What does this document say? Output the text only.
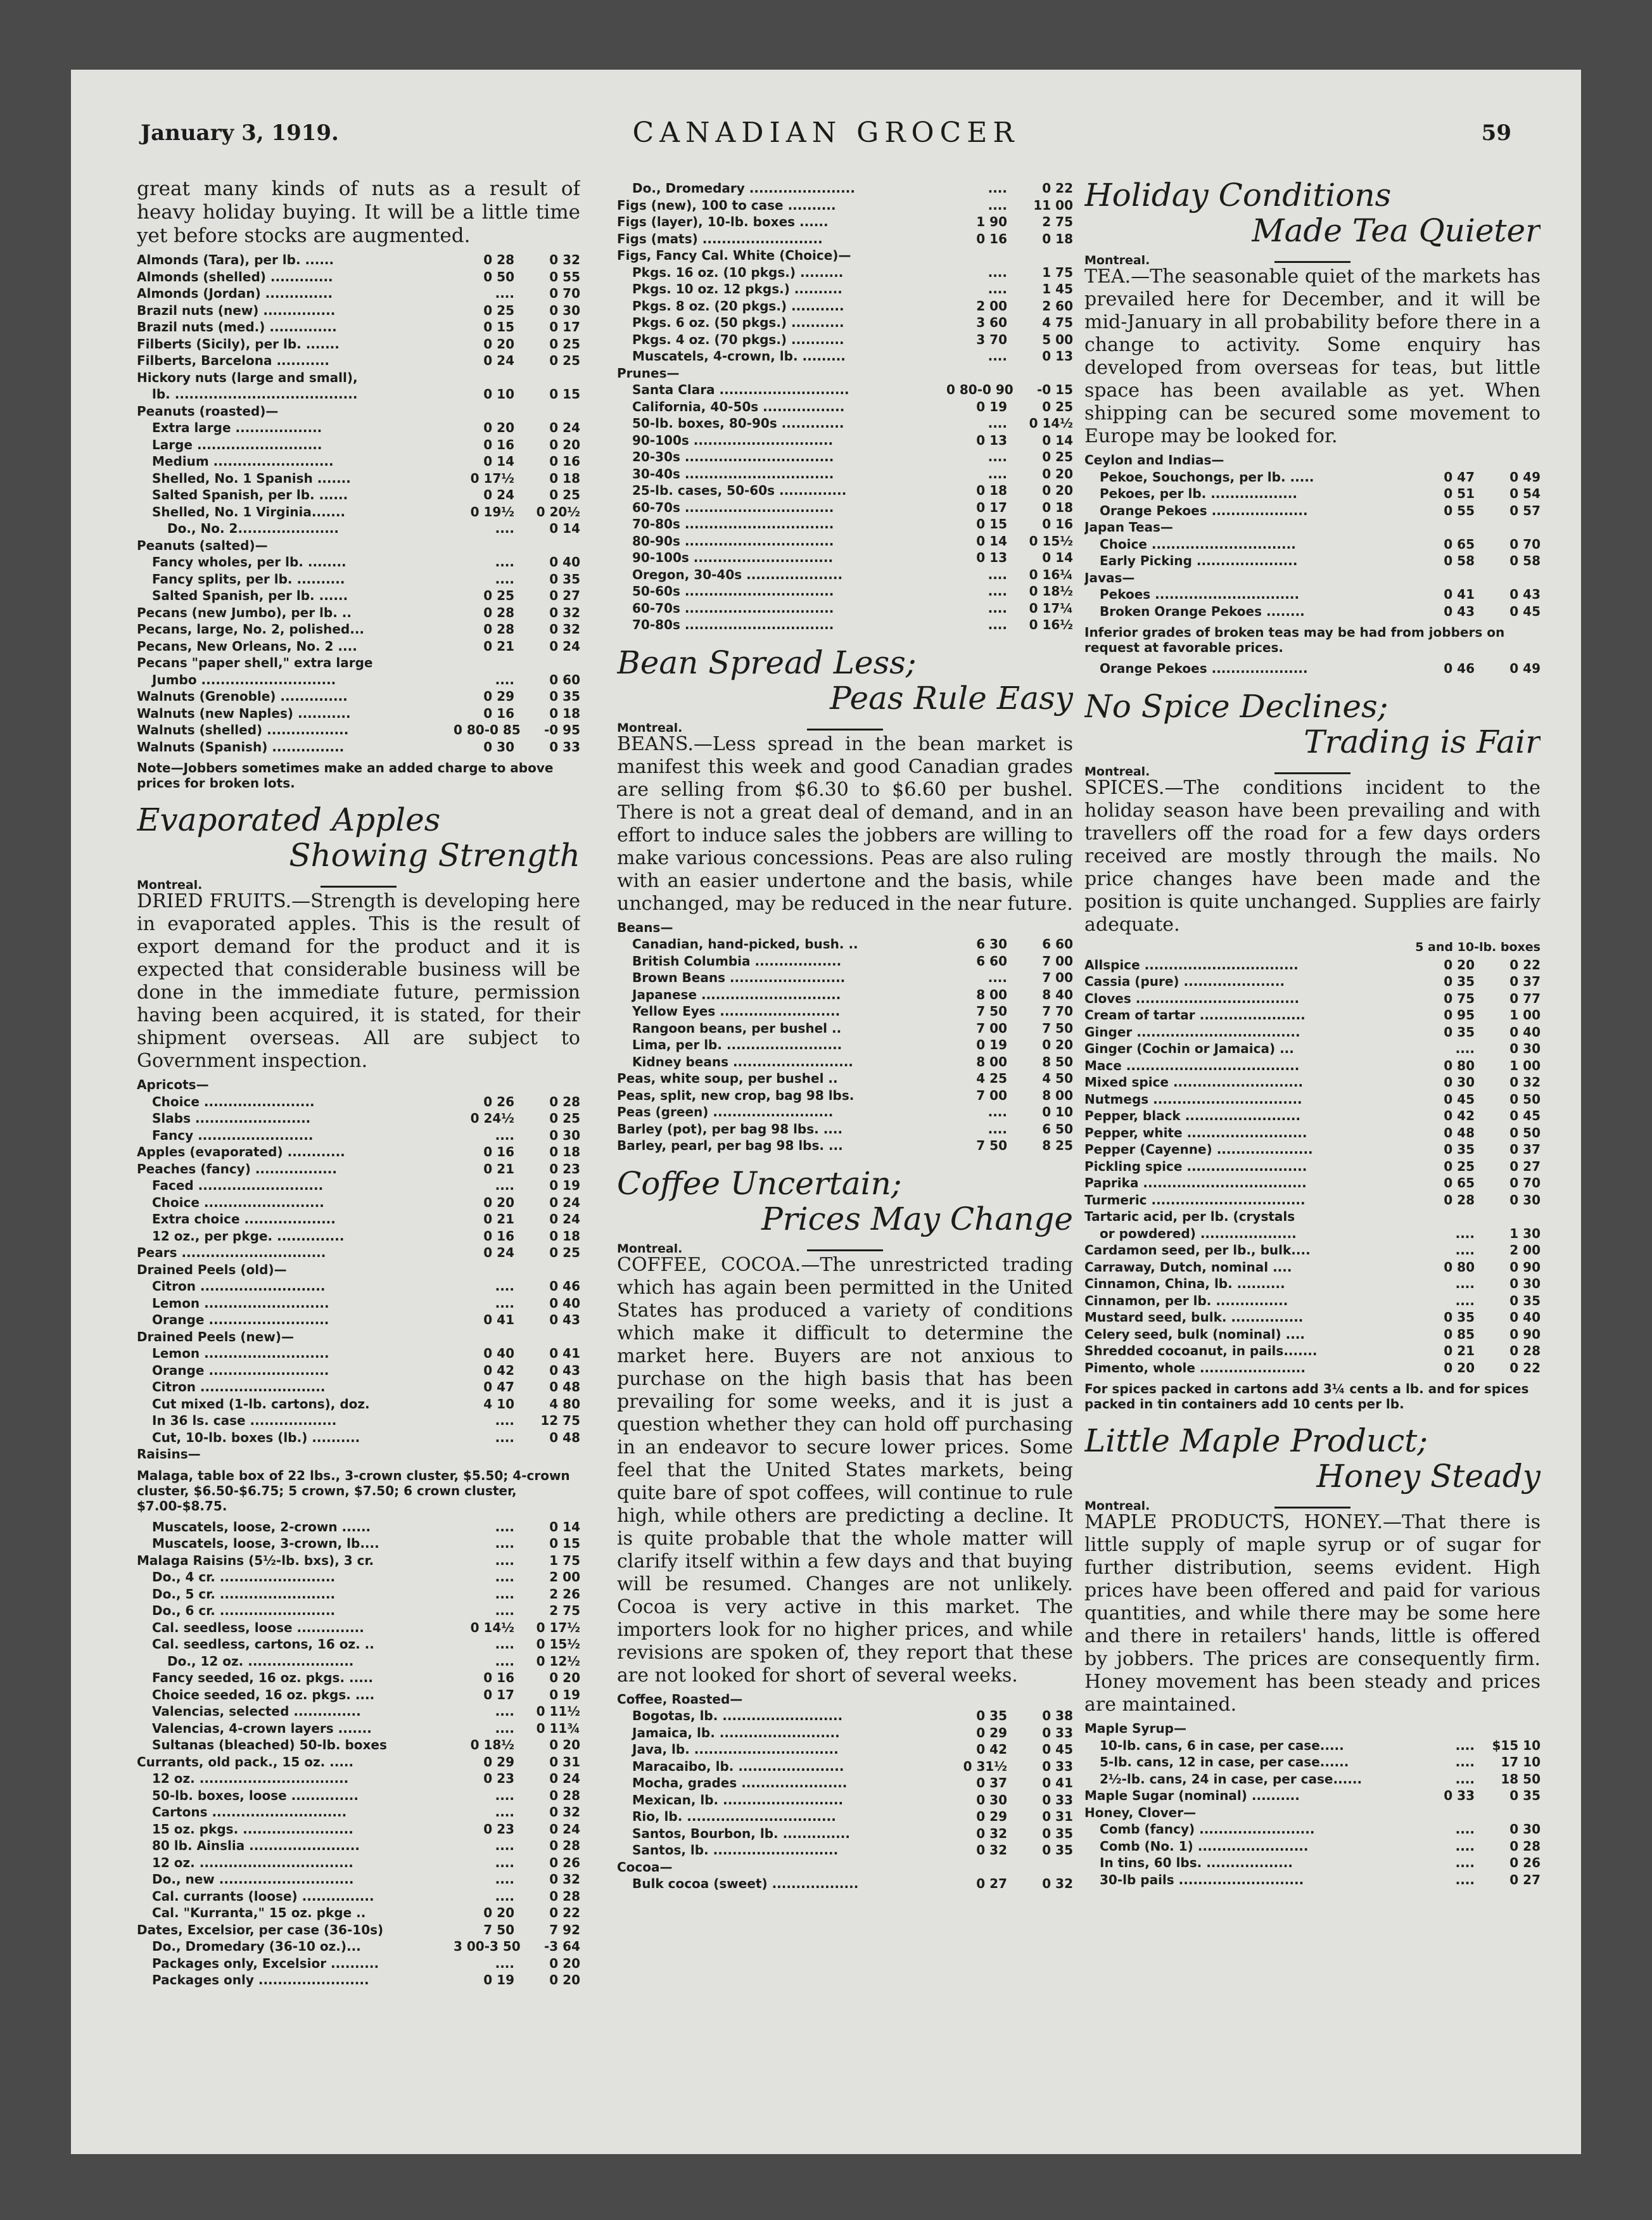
January 3, 1919.	CANADIAN GROCER	59

great many kinds of nuts as a result of heavy holiday buying. It will be a little time yet before stocks are augmented.

Almonds (Tara), per lb. ......	0 28	0 32
Almonds (shelled) .............	0 50	0 55
Almonds (Jordan) ..............	....	0 70
Brazil nuts (new) ...............	0 25	0 30
Brazil nuts (med.) ..............	0 15	0 17
Filberts (Sicily), per lb. .......	0 20	0 25
Filberts, Barcelona ...........	0 24	0 25
Hickory nuts (large and small),
lb. ......................................	0 10	0 15
Peanuts (roasted)—
Extra large ..................	0 20	0 24
Large ..........................	0 16	0 20
Medium .........................	0 14	0 16
Shelled, No. 1 Spanish .......	0 17½	0 18
Salted Spanish, per lb. ......	0 24	0 25
Shelled, No. 1 Virginia.......	0 19½	0 20½
Do., No. 2.....................	....	0 14
Peanuts (salted)—
Fancy wholes, per lb. ........	....	0 40
Fancy splits, per lb. ..........	....	0 35
Salted Spanish, per lb. ......	0 25	0 27
Pecans (new Jumbo), per lb. ..	0 28	0 32
Pecans, large, No. 2, polished...	0 28	0 32
Pecans, New Orleans, No. 2 ....	0 21	0 24
Pecans "paper shell," extra large
Jumbo ............................	....	0 60
Walnuts (Grenoble) ..............	0 29	0 35
Walnuts (new Naples) ...........	0 16	0 18
Walnuts (shelled) .................	0 80-0 85	-0 95
Walnuts (Spanish) ...............	0 30	0 33
Note—Jobbers sometimes make an added charge to above prices for broken lots.
Evaporated Apples
Showing Strength
Montreal.

DRIED FRUITS.—Strength is developing here in evaporated apples. This is the result of export demand for the product and it is expected that considerable business will be done in the immediate future, permission having been acquired, it is stated, for their shipment overseas. All are subject to Government inspection.

Apricots—
Choice .......................	0 26	0 28
Slabs ........................	0 24½	0 25
Fancy ........................	....	0 30
Apples (evaporated) ............	0 16	0 18
Peaches (fancy) .................	0 21	0 23
Faced ..........................	....	0 19
Choice .........................	0 20	0 24
Extra choice ...................	0 21	0 24
12 oz., per pkge. ..............	0 16	0 18
Pears ..............................	0 24	0 25
Drained Peels (old)—
Citron ..........................	....	0 46
Lemon ..........................	....	0 40
Orange .........................	0 41	0 43
Drained Peels (new)—
Lemon ..........................	0 40	0 41
Orange .........................	0 42	0 43
Citron ..........................	0 47	0 48
Cut mixed (1-lb. cartons), doz.	4 10	4 80
In 36 ls. case ..................	....	12 75
Cut, 10-lb. boxes (lb.) ..........	....	0 48
Raisins—
Malaga, table box of 22 lbs., 3-crown cluster, $5.50; 4-crown cluster, $6.50-$6.75; 5 crown, $7.50; 6 crown cluster, $7.00-$8.75.
Muscatels, loose, 2-crown ......	....	0 14
Muscatels, loose, 3-crown, lb....	....	0 15
Malaga Raisins (5½-lb. bxs), 3 cr.	....	1 75
Do., 4 cr. ........................	....	2 00
Do., 5 cr. ........................	....	2 26
Do., 6 cr. ........................	....	2 75
Cal. seedless, loose ..............	0 14½	0 17½
Cal. seedless, cartons, 16 oz. ..	....	0 15½
Do., 12 oz. ......................	....	0 12½
Fancy seeded, 16 oz. pkgs. .....	0 16	0 20
Choice seeded, 16 oz. pkgs. ....	0 17	0 19
Valencias, selected ..............	....	0 11½
Valencias, 4-crown layers .......	....	0 11¾
Sultanas (bleached) 50-lb. boxes	0 18½	0 20
Currants, old pack., 15 oz. .....	0 29	0 31
12 oz. ...............................	0 23	0 24
50-lb. boxes, loose ..............	....	0 28
Cartons ............................	....	0 32
15 oz. pkgs. .......................	0 23	0 24
80 lb. Ainslia .......................	....	0 28
12 oz. ................................	....	0 26
Do., new ............................	....	0 32
Cal. currants (loose) ...............	....	0 28
Cal. "Kurranta," 15 oz. pkge ..	0 20	0 22
Dates, Excelsior, per case (36-10s)	7 50	7 92
Do., Dromedary (36-10 oz.)...	3 00-3 50	-3 64
Packages only, Excelsior ..........	....	0 20
Packages only .......................	0 19	0 20
Do., Dromedary ......................	....	0 22
Figs (new), 100 to case ..........	....	11 00
Figs (layer), 10-lb. boxes ......	1 90	2 75
Figs (mats) .........................	0 16	0 18
Figs, Fancy Cal. White (Choice)—
Pkgs. 16 oz. (10 pkgs.) .........	....	1 75
Pkgs. 10 oz. 12 pkgs.) ..........	....	1 45
Pkgs. 8 oz. (20 pkgs.) ...........	2 00	2 60
Pkgs. 6 oz. (50 pkgs.) ...........	3 60	4 75
Pkgs. 4 oz. (70 pkgs.) ...........	3 70	5 00
Muscatels, 4-crown, lb. .........	....	0 13
Prunes—
Santa Clara ...........................	0 80-0 90	-0 15
California, 40-50s .................	0 19	0 25
50-lb. boxes, 80-90s .............	....	0 14½
90-100s .............................	0 13	0 14
20-30s ...............................	....	0 25
30-40s ...............................	....	0 20
25-lb. cases, 50-60s ..............	0 18	0 20
60-70s ...............................	0 17	0 18
70-80s ...............................	0 15	0 16
80-90s ...............................	0 14	0 15½
90-100s .............................	0 13	0 14
Oregon, 30-40s ....................	....	0 16¼
50-60s ...............................	....	0 18½
60-70s ...............................	....	0 17¼
70-80s ...............................	....	0 16½
Bean Spread Less;
Peas Rule Easy
Montreal.

BEANS.—Less spread in the bean market is manifest this week and good Canadian grades are selling from $6.30 to $6.60 per bushel. There is not a great deal of demand, and in an effort to induce sales the jobbers are willing to make various concessions. Peas are also ruling with an easier undertone and the basis, while unchanged, may be reduced in the near future.

Beans—
Canadian, hand-picked, bush. ..	6 30	6 60
British Columbia ..................	6 60	7 00
Brown Beans ........................	....	7 00
Japanese .............................	8 00	8 40
Yellow Eyes .........................	7 50	7 70
Rangoon beans, per bushel ..	7 00	7 50
Lima, per lb. ........................	0 19	0 20
Kidney beans .........................	8 00	8 50
Peas, white soup, per bushel ..	4 25	4 50
Peas, split, new crop, bag 98 lbs.	7 00	8 00
Peas (green) .........................	....	0 10
Barley (pot), per bag 98 lbs. ....	....	6 50
Barley, pearl, per bag 98 lbs. ...	7 50	8 25
Coffee Uncertain;
Prices May Change
Montreal.

COFFEE, COCOA.—The unrestricted trading which has again been permitted in the United States has produced a variety of conditions which make it difficult to determine the market here. Buyers are not anxious to purchase on the high basis that has been prevailing for some weeks, and it is just a question whether they can hold off purchasing in an endeavor to secure lower prices. Some feel that the United States markets, being quite bare of spot coffees, will continue to rule high, while others are predicting a decline. It is quite probable that the whole matter will clarify itself within a few days and that buying will be resumed. Changes are not unlikely. Cocoa is very active in this market. The importers look for no higher prices, and while revisions are spoken of, they report that these are not looked for short of several weeks.

Coffee, Roasted—
Bogotas, lb. .........................	0 35	0 38
Jamaica, lb. .........................	0 29	0 33
Java, lb. ..............................	0 42	0 45
Maracaibo, lb. ......................	0 31½	0 33
Mocha, grades ......................	0 37	0 41
Mexican, lb. .........................	0 30	0 33
Rio, lb. ...............................	0 29	0 31
Santos, Bourbon, lb. ..............	0 32	0 35
Santos, lb. ..........................	0 32	0 35
Cocoa—
Bulk cocoa (sweet) ..................	0 27	0 32
Holiday Conditions
Made Tea Quieter
Montreal.

TEA.—The seasonable quiet of the markets has prevailed here for December, and it will be mid-January in all probability before there in a change to activity. Some enquiry has developed from overseas for teas, but little space has been available as yet. When shipping can be secured some movement to Europe may be looked for.

Ceylon and Indias—
Pekoe, Souchongs, per lb. .....	0 47	0 49
Pekoes, per lb. ..................	0 51	0 54
Orange Pekoes ....................	0 55	0 57
Japan Teas—
Choice ..............................	0 65	0 70
Early Picking .....................	0 58	0 58
Javas—
Pekoes ..............................	0 41	0 43
Broken Orange Pekoes ........	0 43	0 45
Inferior grades of broken teas may be had from jobbers on request at favorable prices.
Orange Pekoes ....................	0 46	0 49
No Spice Declines;
Trading is Fair
Montreal.

SPICES.—The conditions incident to the holiday season have been prevailing and with travellers off the road for a few days orders received are mostly through the mails. No price changes have been made and the position is quite unchanged. Supplies are fairly adequate.

5 and 10-lb. boxes
Allspice ................................	0 20	0 22
Cassia (pure) .....................	0 35	0 37
Cloves ..................................	0 75	0 77
Cream of tartar ......................	0 95	1 00
Ginger ..................................	0 35	0 40
Ginger (Cochin or Jamaica) ...	....	0 30
Mace ....................................	0 80	1 00
Mixed spice ...........................	0 30	0 32
Nutmegs ...............................	0 45	0 50
Pepper, black ........................	0 42	0 45
Pepper, white .........................	0 48	0 50
Pepper (Cayenne) ....................	0 35	0 37
Pickling spice .........................	0 25	0 27
Paprika ..................................	0 65	0 70
Turmeric ................................	0 28	0 30
Tartaric acid, per lb. (crystals
or powdered) ....................	....	1 30
Cardamon seed, per lb., bulk....	....	2 00
Carraway, Dutch, nominal ....	0 80	0 90
Cinnamon, China, lb. ..........	....	0 30
Cinnamon, per lb. ...............	....	0 35
Mustard seed, bulk. ...............	0 35	0 40
Celery seed, bulk (nominal) ....	0 85	0 90
Shredded cocoanut, in pails.......	0 21	0 28
Pimento, whole ......................	0 20	0 22
For spices packed in cartons add 3¼ cents a lb. and for spices packed in tin containers add 10 cents per lb.
Little Maple Product;
Honey Steady
Montreal.

MAPLE PRODUCTS, HONEY.—That there is little supply of maple syrup or of sugar for further distribution, seems evident. High prices have been offered and paid for various quantities, and while there may be some here and there in retailers' hands, little is offered by jobbers. The prices are consequently firm. Honey movement has been steady and prices are maintained.

Maple Syrup—
10-lb. cans, 6 in case, per case.....	....	$15 10
5-lb. cans, 12 in case, per case......	....	17 10
2½-lb. cans, 24 in case, per case......	....	18 50
Maple Sugar (nominal) ..........	0 33	0 35
Honey, Clover—
Comb (fancy) ........................	....	0 30
Comb (No. 1) .......................	....	0 28
In tins, 60 lbs. ..................	....	0 26
30-lb pails ..........................	....	0 27
